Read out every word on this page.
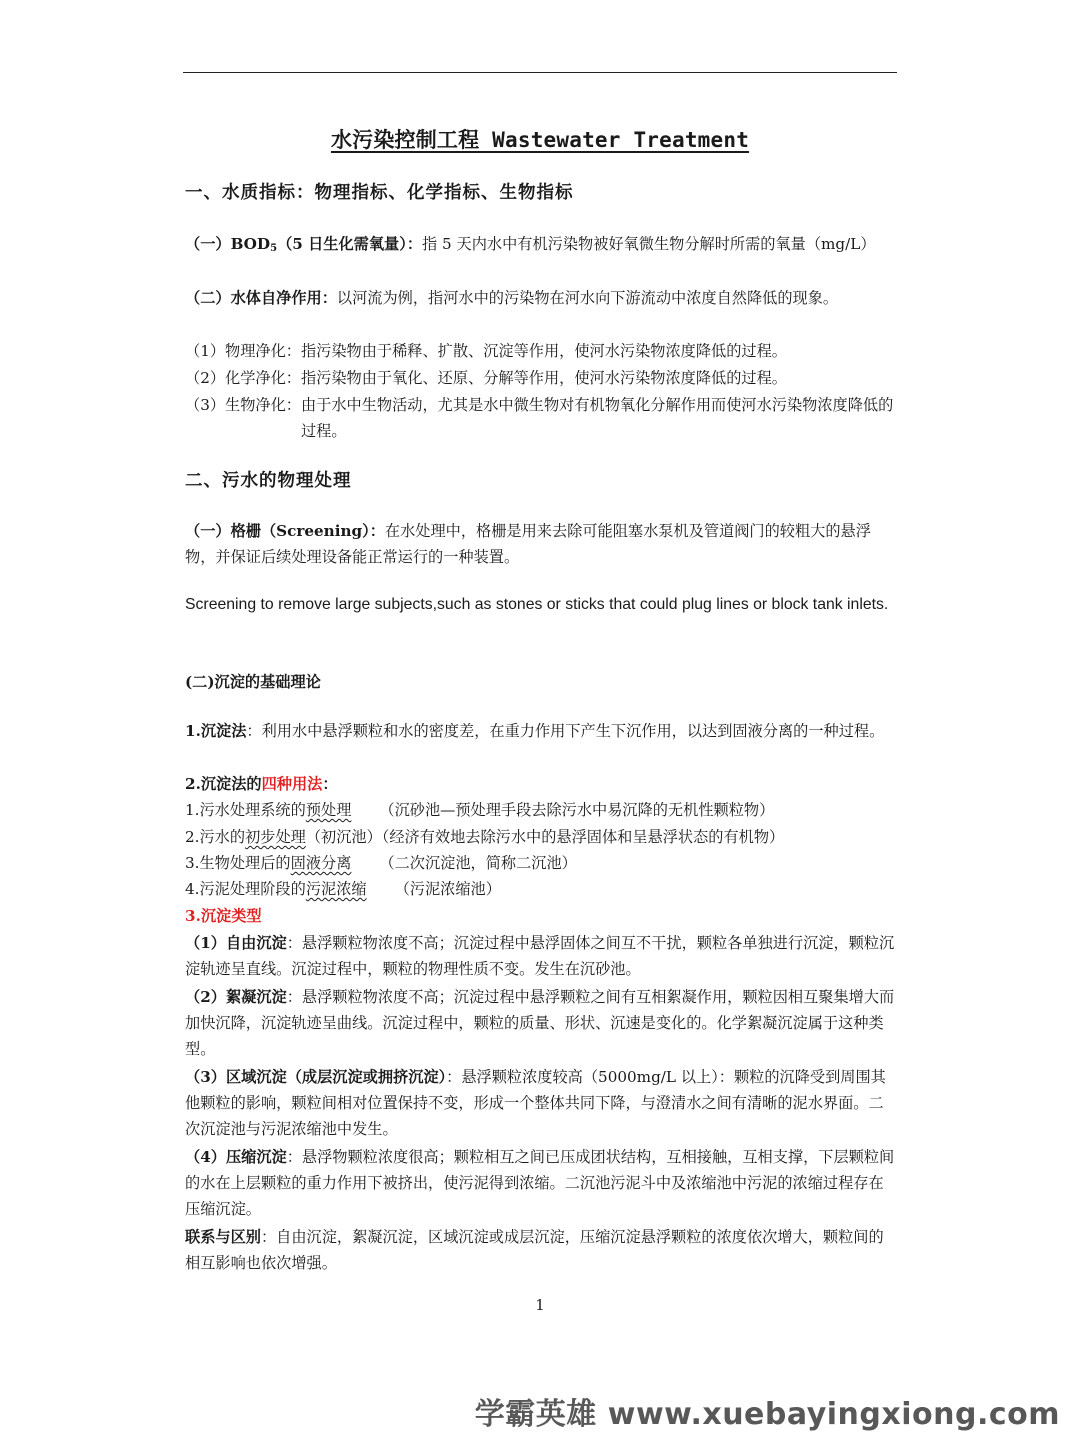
水污染控制工程 Wastewater Treatment
一、水质指标：物理指标、化学指标、生物指标
（一）$BOD_5(5$ 日生化需氧量）：指 5 天内水中有机污染物被好氧微生物分解时所需的氧量（mg/L）
（二）水体自净作用：以河流为例，指河水中的污染物在河水向下游流动中浓度自然降低的现象。
（1）物理净化： 指污染物由于稀释、扩散、沉淀等作用，使河水污染物浓度降低的过程。
（2）化学净化： 指污染物由于氧化、还原、分解等作用，使河水污染物浓度降低的过程。
（3）生物净化： 由于水中生物活动，尤其是水中微生物对有机物氧化分解作用而使河水污染物浓度降低的过程。
二、污水的物理处理
（一）格栅（Screening）：在水处理中，格栅是用来去除可能阻塞水泵机及管道阀门的较粗大的悬浮物，并保证后续处理设备能正常运行的一种装置。
Screening to remove large subjects,such as stones or sticks that could plug lines or block tank inlets.
(二)沉淀的基础理论
1.沉淀法：利用水中悬浮颗粒和水的密度差，在重力作用下产生下沉作用，以达到固液分离的一种过程。
2.沉淀法的四种用法：
1.污水处理系统的预处理 （沉砂池—预处理手段去除污水中易沉降的无机性颗粒物）
2.污水的初步处理（初沉池）（经济有效地去除污水中的悬浮固体和呈悬浮状态的有机物）
3.生物处理后的固液分离 （二次沉淀池，简称二沉池）
4.污泥处理阶段的污泥浓缩 （污泥浓缩池）
3.沉淀类型
（1）自由沉淀：悬浮颗粒物浓度不高；沉淀过程中悬浮固体之间互不干扰，颗粒各单独进行沉淀，颗粒沉淀轨迹呈直线。沉淀过程中，颗粒的物理性质不变。发生在沉砂池。
（2）絮凝沉淀：悬浮颗粒物浓度不高；沉淀过程中悬浮颗粒之间有互相絮凝作用，颗粒因相互聚集增大而加快沉降，沉淀轨迹呈曲线。沉淀过程中，颗粒的质量、形状、沉速是变化的。化学絮凝沉淀属于这种类型。
（3）区域沉淀（成层沉淀或拥挤沉淀）：悬浮颗粒浓度较高（5000mg/L 以上）：颗粒的沉降受到周围其他颗粒的影响，颗粒间相对位置保持不变，形成一个整体共同下降，与澄清水之间有清晰的泥水界面。二次沉淀池与污泥浓缩池中发生。
（4）压缩沉淀：悬浮物颗粒浓度很高；颗粒相互之间已压成团状结构，互相接触，互相支撑，下层颗粒间的水在上层颗粒的重力作用下被挤出，使污泥得到浓缩。二沉池污泥斗中及浓缩池中污泥的浓缩过程存在压缩沉淀。
联系与区别：自由沉淀，絮凝沉淀，区域沉淀或成层沉淀，压缩沉淀悬浮颗粒的浓度依次增大，颗粒间的相互影响也依次增强。
1
学霸英雄 www.xuebayingxiong.com
